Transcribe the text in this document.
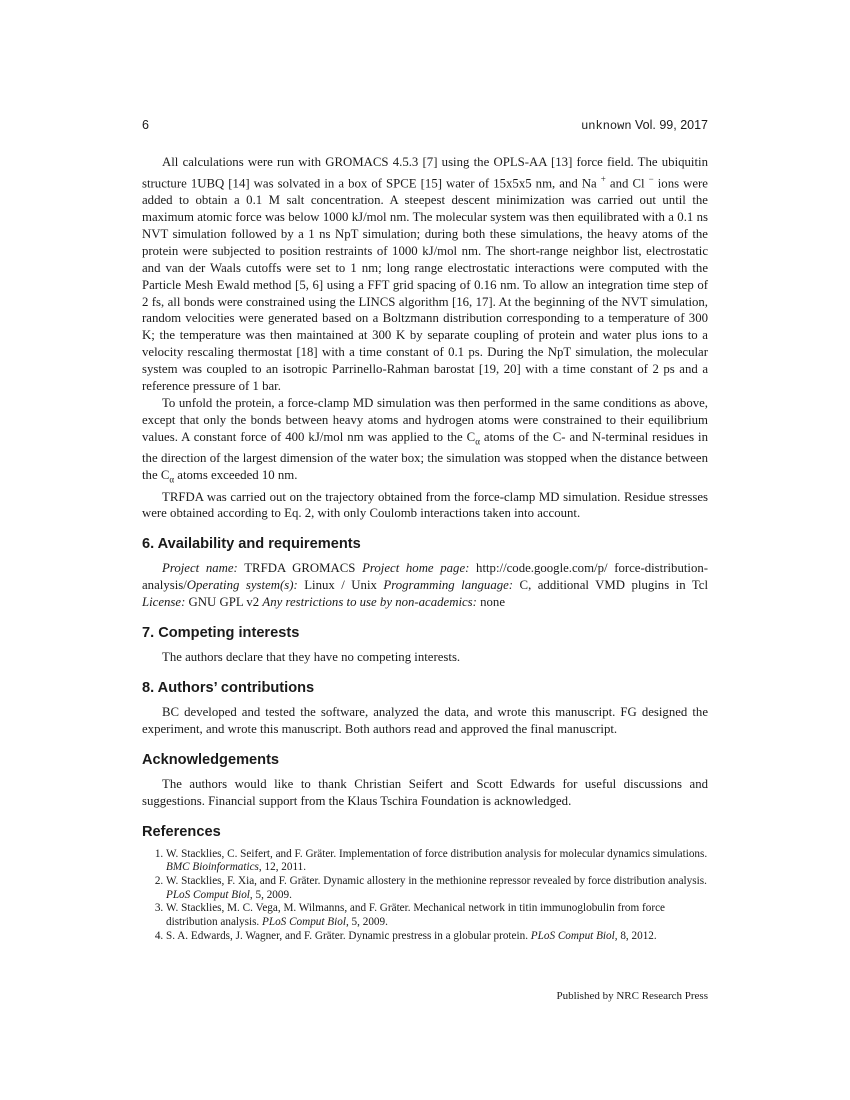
6	unknown Vol. 99, 2017

All calculations were run with GROMACS 4.5.3 [7] using the OPLS-AA [13] force field. The ubiquitin structure 1UBQ [14] was solvated in a box of SPCE [15] water of 15x5x5 nm, and Na + and Cl − ions were added to obtain a 0.1 M salt concentration. A steepest descent minimization was carried out until the maximum atomic force was below 1000 kJ/mol nm. The molecular system was then equilibrated with a 0.1 ns NVT simulation followed by a 1 ns NpT simulation; during both these simulations, the heavy atoms of the protein were subjected to position restraints of 1000 kJ/mol nm. The short-range neighbor list, electrostatic and van der Waals cutoffs were set to 1 nm; long range electrostatic interactions were computed with the Particle Mesh Ewald method [5, 6] using a FFT grid spacing of 0.16 nm. To allow an integration time step of 2 fs, all bonds were constrained using the LINCS algorithm [16, 17]. At the beginning of the NVT simulation, random velocities were generated based on a Boltzmann distribution corresponding to a temperature of 300 K; the temperature was then maintained at 300 K by separate coupling of protein and water plus ions to a velocity rescaling thermostat [18] with a time constant of 0.1 ps. During the NpT simulation, the molecular system was coupled to an isotropic Parrinello-Rahman barostat [19, 20] with a time constant of 2 ps and a reference pressure of 1 bar.

To unfold the protein, a force-clamp MD simulation was then performed in the same conditions as above, except that only the bonds between heavy atoms and hydrogen atoms were constrained to their equilibrium values. A constant force of 400 kJ/mol nm was applied to the $C_\alpha$ atoms of the C- and N-terminal residues in the direction of the largest dimension of the water box; the simulation was stopped when the distance between the $C_\alpha$ atoms exceeded 10 nm.

TRFDA was carried out on the trajectory obtained from the force-clamp MD simulation. Residue stresses were obtained according to Eq. 2, with only Coulomb interactions taken into account.

6. Availability and requirements

Project name: TRFDA GROMACS Project home page: http://code.google.com/p/ force-distribution-analysis/Operating system(s): Linux / Unix Programming language: C, additional VMD plugins in Tcl License: GNU GPL v2 Any restrictions to use by non-academics: none

7. Competing interests

The authors declare that they have no competing interests.

8. Authors’ contributions

BC developed and tested the software, analyzed the data, and wrote this manuscript. FG designed the experiment, and wrote this manuscript. Both authors read and approved the final manuscript.

Acknowledgements

The authors would like to thank Christian Seifert and Scott Edwards for useful discussions and suggestions. Financial support from the Klaus Tschira Foundation is acknowledged.

References
1. W. Stacklies, C. Seifert, and F. Gräter. Implementation of force distribution analysis for molecular dynamics simulations. BMC Bioinformatics, 12, 2011.
2. W. Stacklies, F. Xia, and F. Gräter. Dynamic allostery in the methionine repressor revealed by force distribution analysis. PLoS Comput Biol, 5, 2009.
3. W. Stacklies, M. C. Vega, M. Wilmanns, and F. Gräter. Mechanical network in titin immunoglobulin from force distribution analysis. PLoS Comput Biol, 5, 2009.
4. S. A. Edwards, J. Wagner, and F. Gräter. Dynamic prestress in a globular protein. PLoS Comput Biol, 8, 2012.
Published by NRC Research Press
